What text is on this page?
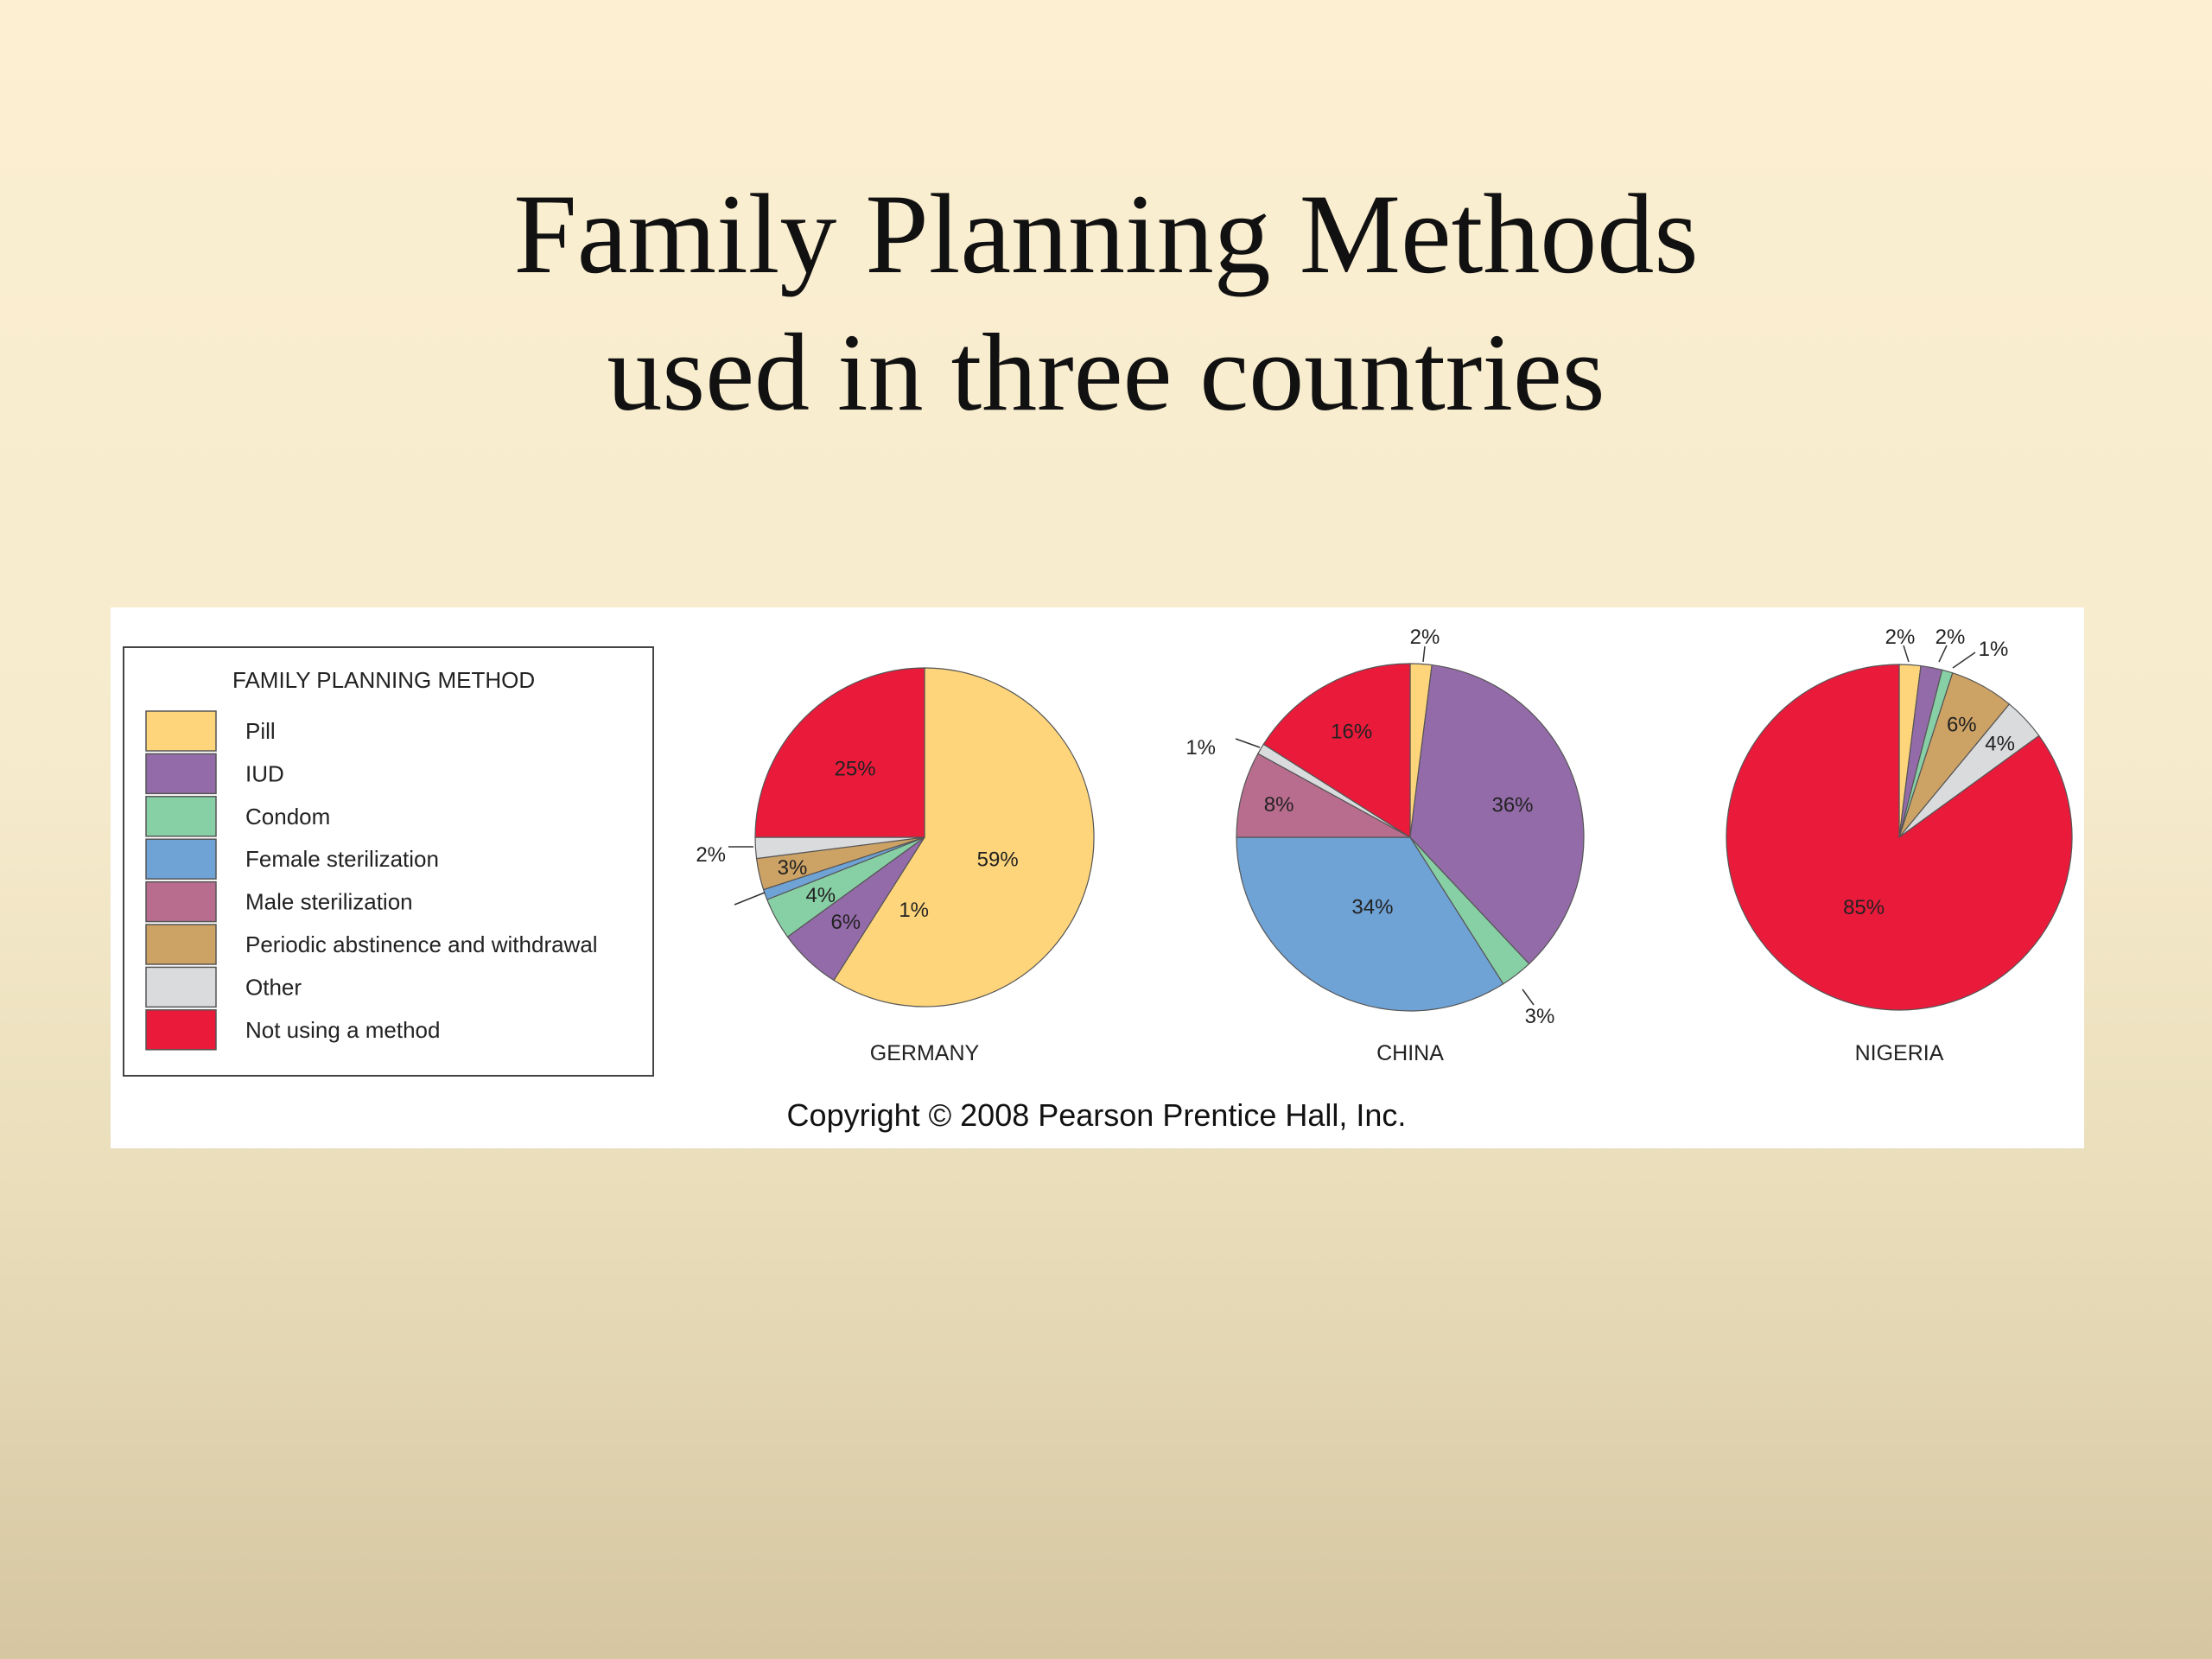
Family Planning Methods
used in three countries
FAMILY PLANNING METHOD
Pill
IUD
Condom
Female sterilization
Male sterilization
Periodic abstinence and withdrawal
Other
Not using a method
59%
6%
4%
1%
3%
2%
25%
2%
36%
3%
34%
8%
1%
16%
2% 2%
1%
6%
4%
85%
GERMANY	CHINA	NIGERIA
Copyright © 2008 Pearson Prentice Hall, Inc.
